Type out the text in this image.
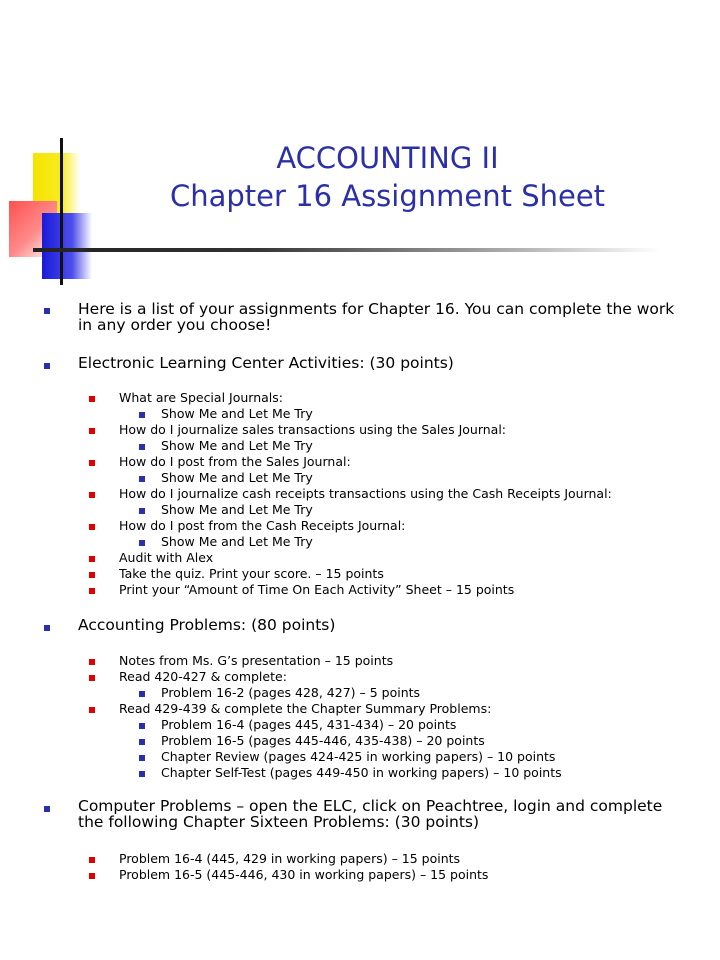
ACCOUNTING II
Chapter 16 Assignment Sheet
Here is a list of your assignments for Chapter 16. You can complete the work in any order you choose!
Electronic Learning Center Activities: (30 points)
What are Special Journals:
Show Me and Let Me Try
How do I journalize sales transactions using the Sales Journal:
Show Me and Let Me Try
How do I post from the Sales Journal:
Show Me and Let Me Try
How do I journalize cash receipts transactions using the Cash Receipts Journal:
Show Me and Let Me Try
How do I post from the Cash Receipts Journal:
Show Me and Let Me Try
Audit with Alex
Take the quiz. Print your score. – 15 points
Print your “Amount of Time On Each Activity” Sheet – 15 points
Accounting Problems: (80 points)
Notes from Ms. G’s presentation – 15 points
Read 420-427 & complete:
Problem 16-2 (pages 428, 427) – 5 points
Read 429-439 & complete the Chapter Summary Problems:
Problem 16-4 (pages 445, 431-434) – 20 points
Problem 16-5 (pages 445-446, 435-438) – 20 points
Chapter Review (pages 424-425 in working papers) – 10 points
Chapter Self-Test (pages 449-450 in working papers) – 10 points
Computer Problems – open the ELC, click on Peachtree, login and complete the following Chapter Sixteen Problems: (30 points)
Problem 16-4 (445, 429 in working papers) – 15 points
Problem 16-5 (445-446, 430 in working papers) – 15 points
